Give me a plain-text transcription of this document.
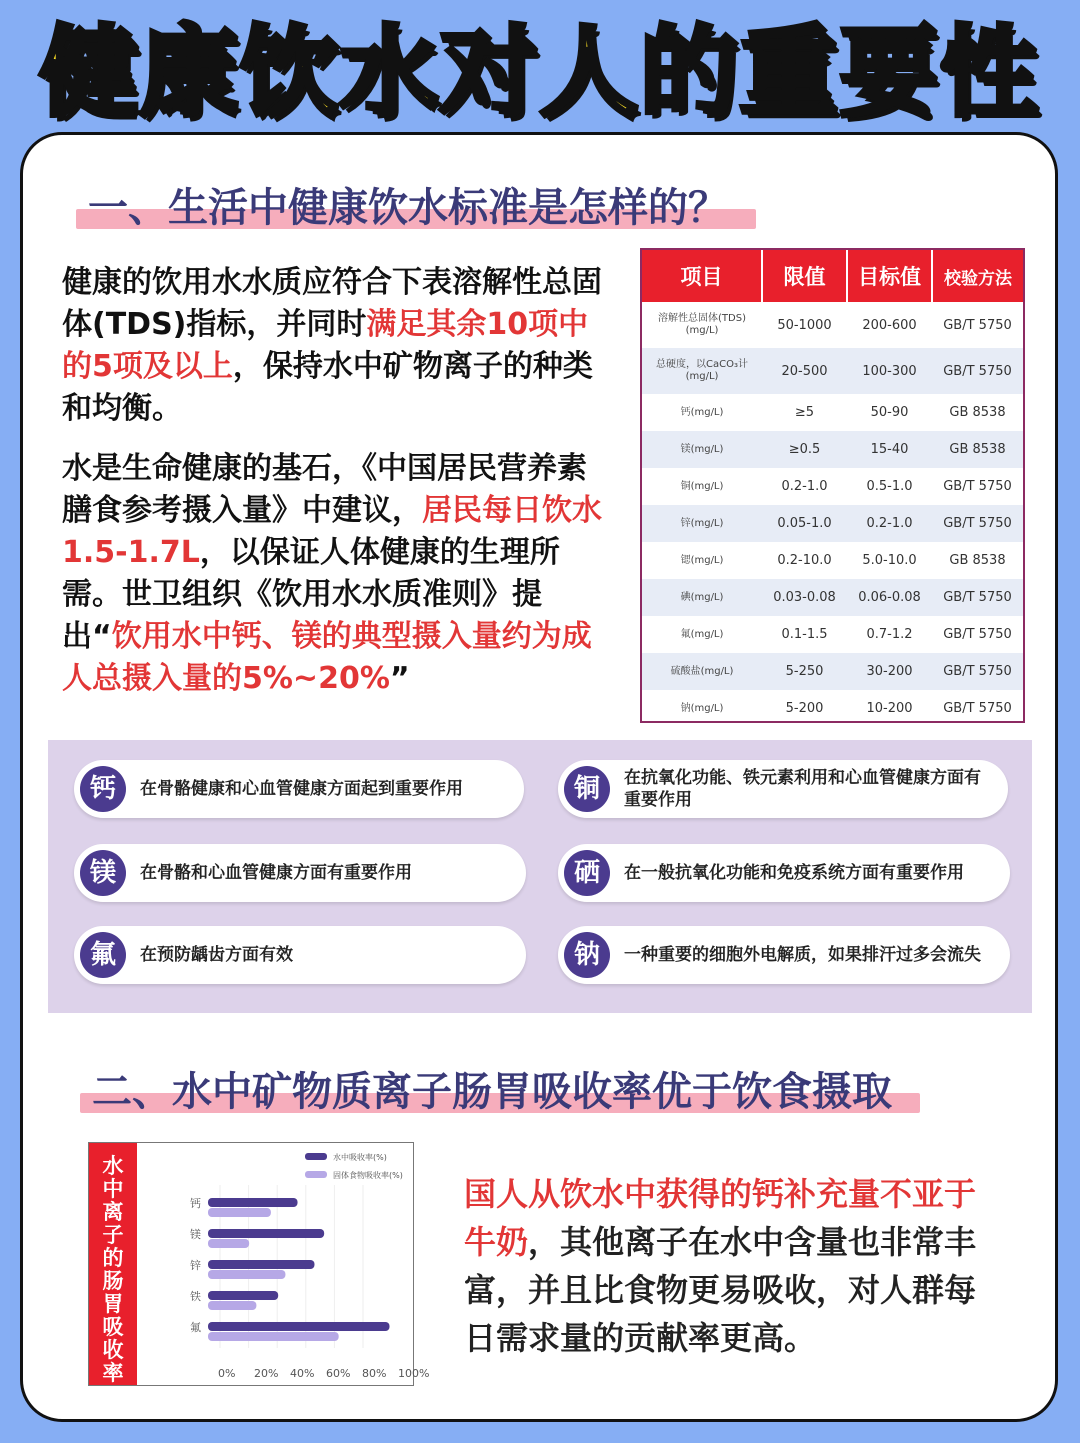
健康饮水对人的重要性
一、生活中健康饮水标准是怎样的？

健康的饮用水水质应符合下表溶解性总固体(TDS)指标，并同时满足其余10项中的5项及以上，保持水中矿物离子的种类和均衡。

水是生命健康的基石，《中国居民营养素膳食参考摄入量》中建议，居民每日饮水1.5-1.7L，以保证人体健康的生理所需。世卫组织《饮用水水质准则》提出“饮用水中钙、镁的典型摄入量约为成人总摄入量的5%~20%”

项目	限值	目标值	校验方法
溶解性总固体(TDS)
(mg/L)	50-1000	200-600	GB/T 5750
总硬度，以CaCO₃计
(mg/L)	20-500	100-300	GB/T 5750
钙(mg/L)	≥5	50-90	GB 8538
镁(mg/L)	≥0.5	15-40	GB 8538
铜(mg/L)	0.2-1.0	0.5-1.0	GB/T 5750
锌(mg/L)	0.05-1.0	0.2-1.0	GB/T 5750
锶(mg/L)	0.2-10.0	5.0-10.0	GB 8538
碘(mg/L)	0.03-0.08	0.06-0.08	GB/T 5750
氟(mg/L)	0.1-1.5	0.7-1.2	GB/T 5750
硫酸盐(mg/L)	5-250	30-200	GB/T 5750
钠(mg/L)	5-200	10-200	GB/T 5750
钙	在骨骼健康和心血管健康方面起到重要作用	铜	在抗氧化功能、铁元素利用和心血管健康方面有重要作用
镁	在骨骼和心血管健康方面有重要作用	硒	在一般抗氧化功能和免疫系统方面有重要作用
氟	在预防龋齿方面有效	钠	一种重要的细胞外电解质，如果排汗过多会流失
二、水中矿物质离子肠胃吸收率优于饮食摄取
水
中
离
子
的
肠
胃
吸
收
率
水中吸收率(%)
固体食物吸收率(%)
钙
镁
锌
铁
氟
0% 20% 40% 60% 80% 100%
国人从饮水中获得的钙补充量不亚于牛奶，其他离子在水中含量也非常丰富，并且比食物更易吸收，对人群每日需求量的贡献率更高。
